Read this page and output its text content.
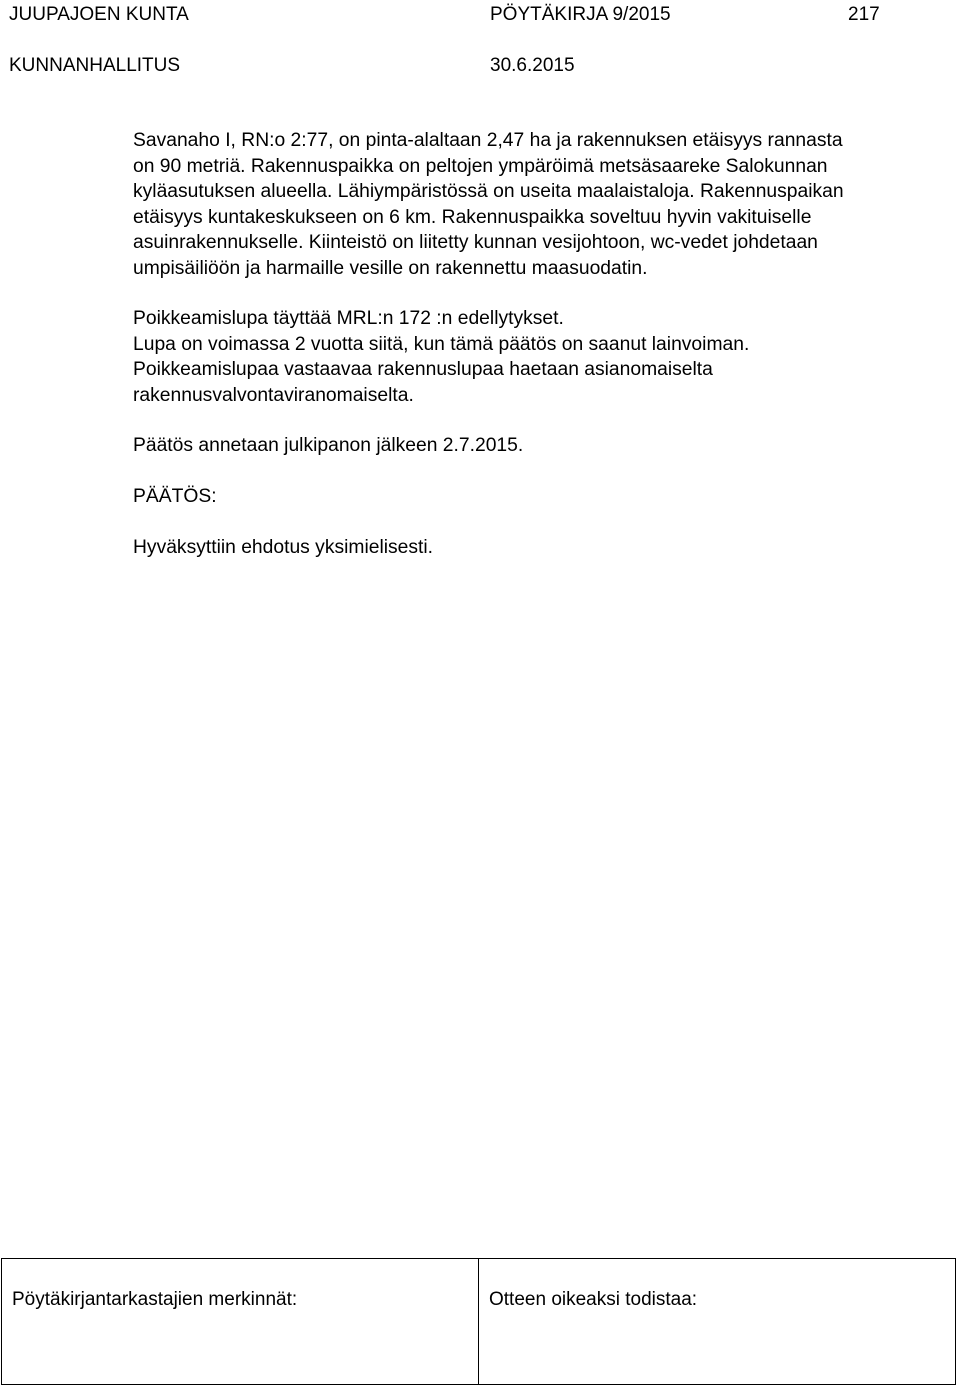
JUUPAJOEN KUNTA	PÖYTÄKIRJA 9/2015	217
KUNNANHALLITUS	30.6.2015

Savanaho I, RN:o 2:77, on pinta-alaltaan 2,47 ha ja rakennuksen etäisyys rannasta
on 90 metriä. Rakennuspaikka on peltojen ympäröimä metsäsaareke Salokunnan
kyläasutuksen alueella. Lähiympäristössä on useita maalaistaloja. Rakennuspaikan
etäisyys kuntakeskukseen on 6 km. Rakennuspaikka soveltuu hyvin vakituiselle
asuinrakennukselle. Kiinteistö on liitetty kunnan vesijohtoon, wc-vedet johdetaan
umpisäiliöön ja harmaille vesille on rakennettu maasuodatin.

Poikkeamislupa täyttää MRL:n 172 :n edellytykset.
Lupa on voimassa 2 vuotta siitä, kun tämä päätös on saanut lainvoiman.
Poikkeamislupaa vastaavaa rakennuslupaa haetaan asianomaiselta
rakennusvalvontaviranomaiselta.

Päätös annetaan julkipanon jälkeen 2.7.2015.

PÄÄTÖS:

Hyväksyttiin ehdotus yksimielisesti.

Pöytäkirjantarkastajien merkinnät:	Otteen oikeaksi todistaa:
